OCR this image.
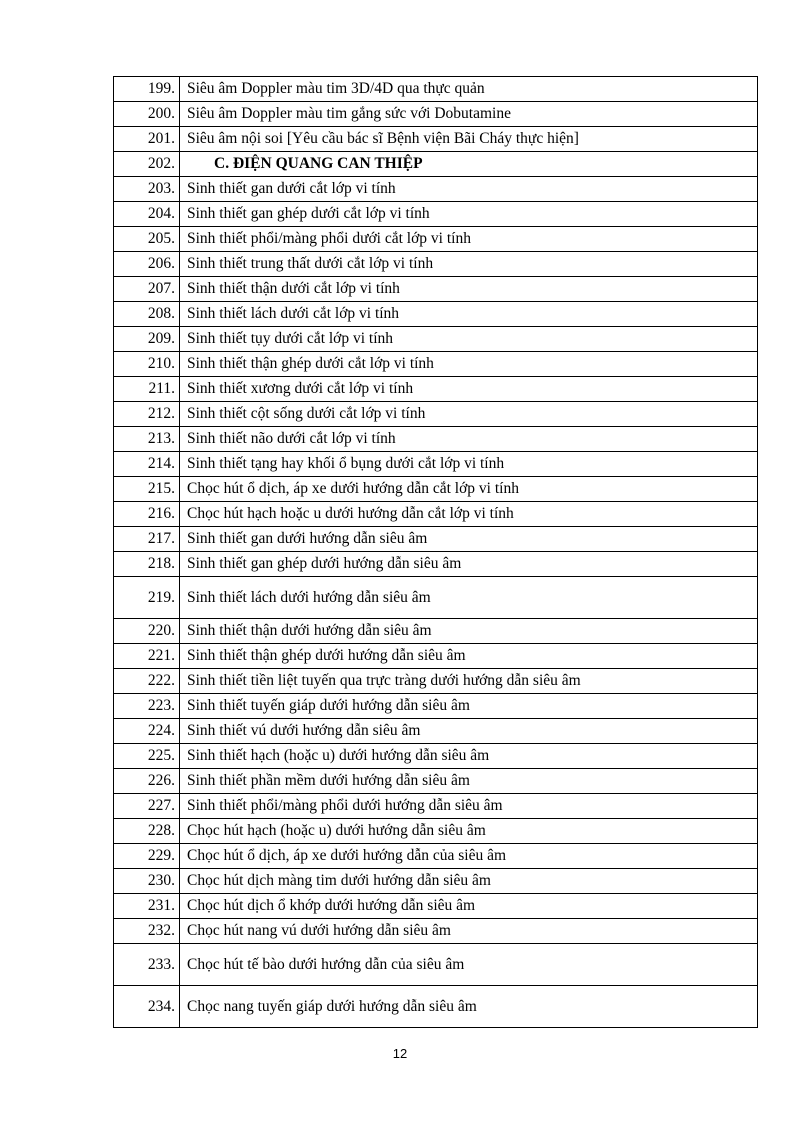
199.	Siêu âm Doppler màu tim 3D/4D qua thực quản
200.	Siêu âm Doppler màu tim gắng sức với Dobutamine
201.	Siêu âm nội soi [Yêu cầu bác sĩ Bệnh viện Bãi Cháy thực hiện]
202.	C. ĐIỆN QUANG CAN THIỆP
203.	Sinh thiết gan dưới cắt lớp vi tính
204.	Sinh thiết gan ghép dưới cắt lớp vi tính
205.	Sinh thiết phổi/màng phổi dưới cắt lớp vi tính
206.	Sinh thiết trung thất dưới cắt lớp vi tính
207.	Sinh thiết thận dưới cắt lớp vi tính
208.	Sinh thiết lách dưới cắt lớp vi tính
209.	Sinh thiết tụy dưới cắt lớp vi tính
210.	Sinh thiết thận ghép dưới cắt lớp vi tính
211.	Sinh thiết xương dưới cắt lớp vi tính
212.	Sinh thiết cột sống dưới cắt lớp vi tính
213.	Sinh thiết não dưới cắt lớp vi tính
214.	Sinh thiết tạng hay khối ổ bụng dưới cắt lớp vi tính
215.	Chọc hút ổ dịch, áp xe dưới hướng dẫn cắt lớp vi tính
216.	Chọc hút hạch hoặc u dưới hướng dẫn cắt lớp vi tính
217.	Sinh thiết gan dưới hướng dẫn siêu âm
218.	Sinh thiết gan ghép dưới hướng dẫn siêu âm
219.	Sinh thiết lách dưới hướng dẫn siêu âm
220.	Sinh thiết thận dưới hướng dẫn siêu âm
221.	Sinh thiết thận ghép dưới hướng dẫn siêu âm
222.	Sinh thiết tiền liệt tuyến qua trực tràng dưới hướng dẫn siêu âm
223.	Sinh thiết tuyến giáp dưới hướng dẫn siêu âm
224.	Sinh thiết vú dưới hướng dẫn siêu âm
225.	Sinh thiết hạch (hoặc u) dưới hướng dẫn siêu âm
226.	Sinh thiết phần mềm dưới hướng dẫn siêu âm
227.	Sinh thiết phổi/màng phổi dưới hướng dẫn siêu âm
228.	Chọc hút hạch (hoặc u) dưới hướng dẫn siêu âm
229.	Chọc hút ổ dịch, áp xe dưới hướng dẫn của siêu âm
230.	Chọc hút dịch màng tim dưới hướng dẫn siêu âm
231.	Chọc hút dịch ổ khớp dưới hướng dẫn siêu âm
232.	Chọc hút nang vú dưới hướng dẫn siêu âm
233.	Chọc hút tế bào dưới hướng dẫn của siêu âm
234.	Chọc nang tuyến giáp dưới hướng dẫn siêu âm
12
